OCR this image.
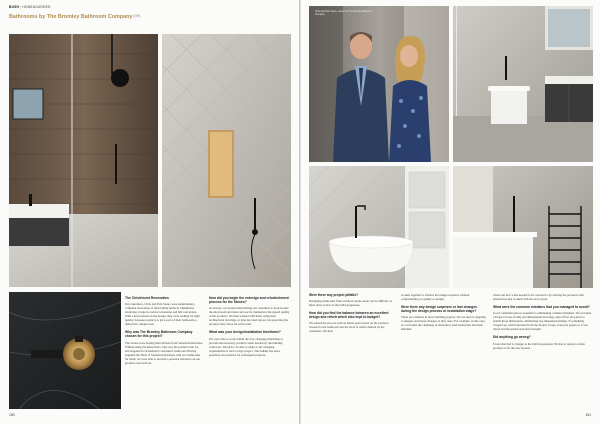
BUSH|HOME&GARDEN
Bathrooms by The Bromley Bathroom Company(GH)
The Chislehurst Renovation

Our customers, Chris and Pam Stone, were undertaking a complete renovation of their family home in Chislehurst, involving a large in-contract extension and full conversion. With a keen interest in the design, they were looking for high quality, bespoke products to give each of their bathrooms a distinctive, unique look.

Why was The Bromley Bathroom Company chosen for this project?

The Stones were hoping their kitchen from Stonebarn Kitchens, Whitelocking the Renovators, they saw the products that we had supplied for Stonebarn's customer's bathroom. Having supplied the fitted of Stonebarn Kitchens with two bathrooms for them, we were able to provide a personal reference on our products and services.

How did you begin the redesign and refurbishment process for the Stones?

As always, we started with inviting our customers to look around the showroom and ideas and see for themselves the superb quality of the products. We then worked with them, using their architectural drawings, to plan the ideal layout, incorporating the products they chose for each room.

What was your design/installation timeframe?

We were able to work within the ever changing timeframe to provide the necessary products when needed by the building contractor. We had to be able to adapt to the changing requirements of such a large project. The builder has since specified our products for subsequent projects.

150
Chris and Pam Stone, owners of The Bromley Bathroom Company
Were there any project pitfalls?

Designing bathrooms from architects plans alone can be difficult, as there often evolve as the build progresses.

How did you find the balance between an excellent design and refurb which also kept to budget?

We started the process with an initial quote based on the products chosen for the bathroom and the level of refurb desired by the customers. We then

worked together to achieve the budget required, without compromising on quality or design.

Were there any design surprises or last changes during the design process or installation stage?

There are common in most building projects. We are used to adapting to designs and house changes as they arise. For example, in this case, we overcame the challenge of alternative steel beams that had been installed

where the new walls needed to be catered for by altering the products with alternatives that worked with the new layout.

What were the common mistakes that you managed to avoid?

Good communication is essential to eliminating common mistakes. We provided a Project Scope (CAD) and dimensional drawings, sign off for all parties to enable those dimensions, eliminating any misunderstandings. If something cropped up, which deviated from the Project Scope, everyone agrees so it was raised and the parties had been brought.

Did anything go wrong?

Errors that had to change as the build progressed. We had to replace certain products to fit the new layouts.

151
